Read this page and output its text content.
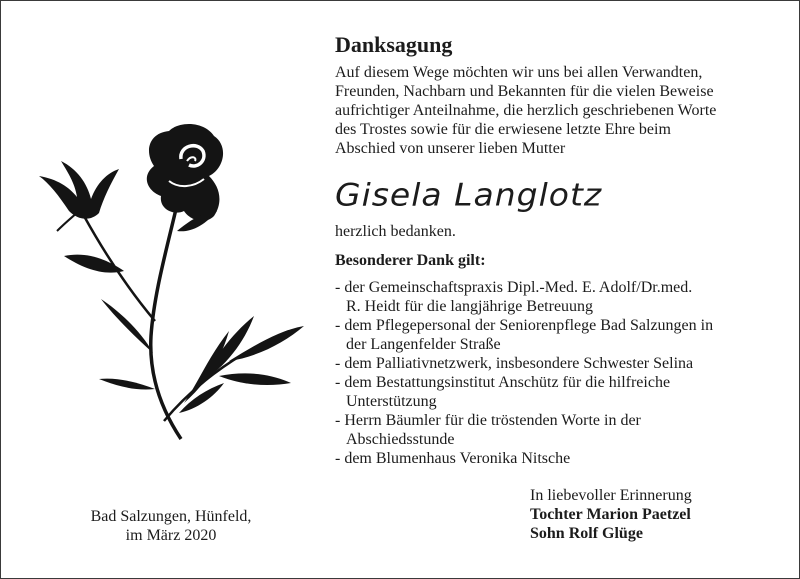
Bad Salzungen, Hünfeld,
im März 2020
Danksagung
Auf diesem Wege möchten wir uns bei allen Verwandten,
Freunden, Nachbarn und Bekannten für die vielen Beweise
aufrichtiger Anteilnahme, die herzlich geschriebenen Worte
des Trostes sowie für die erwiesene letzte Ehre beim
Abschied von unserer lieben Mutter
Gisela Langlotz
herzlich bedanken.
Besonderer Dank gilt:
- der Gemeinschaftspraxis Dipl.-Med. E. Adolf/Dr.med.
R. Heidt für die langjährige Betreuung
- dem Pflegepersonal der Seniorenpflege Bad Salzungen in
der Langenfelder Straße
- dem Palliativnetzwerk, insbesondere Schwester Selina
- dem Bestattungsinstitut Anschütz für die hilfreiche
Unterstützung
- Herrn Bäumler für die tröstenden Worte in der
Abschiedsstunde
- dem Blumenhaus Veronika Nitsche
In liebevoller Erinnerung
Tochter Marion Paetzel
Sohn Rolf Glüge
